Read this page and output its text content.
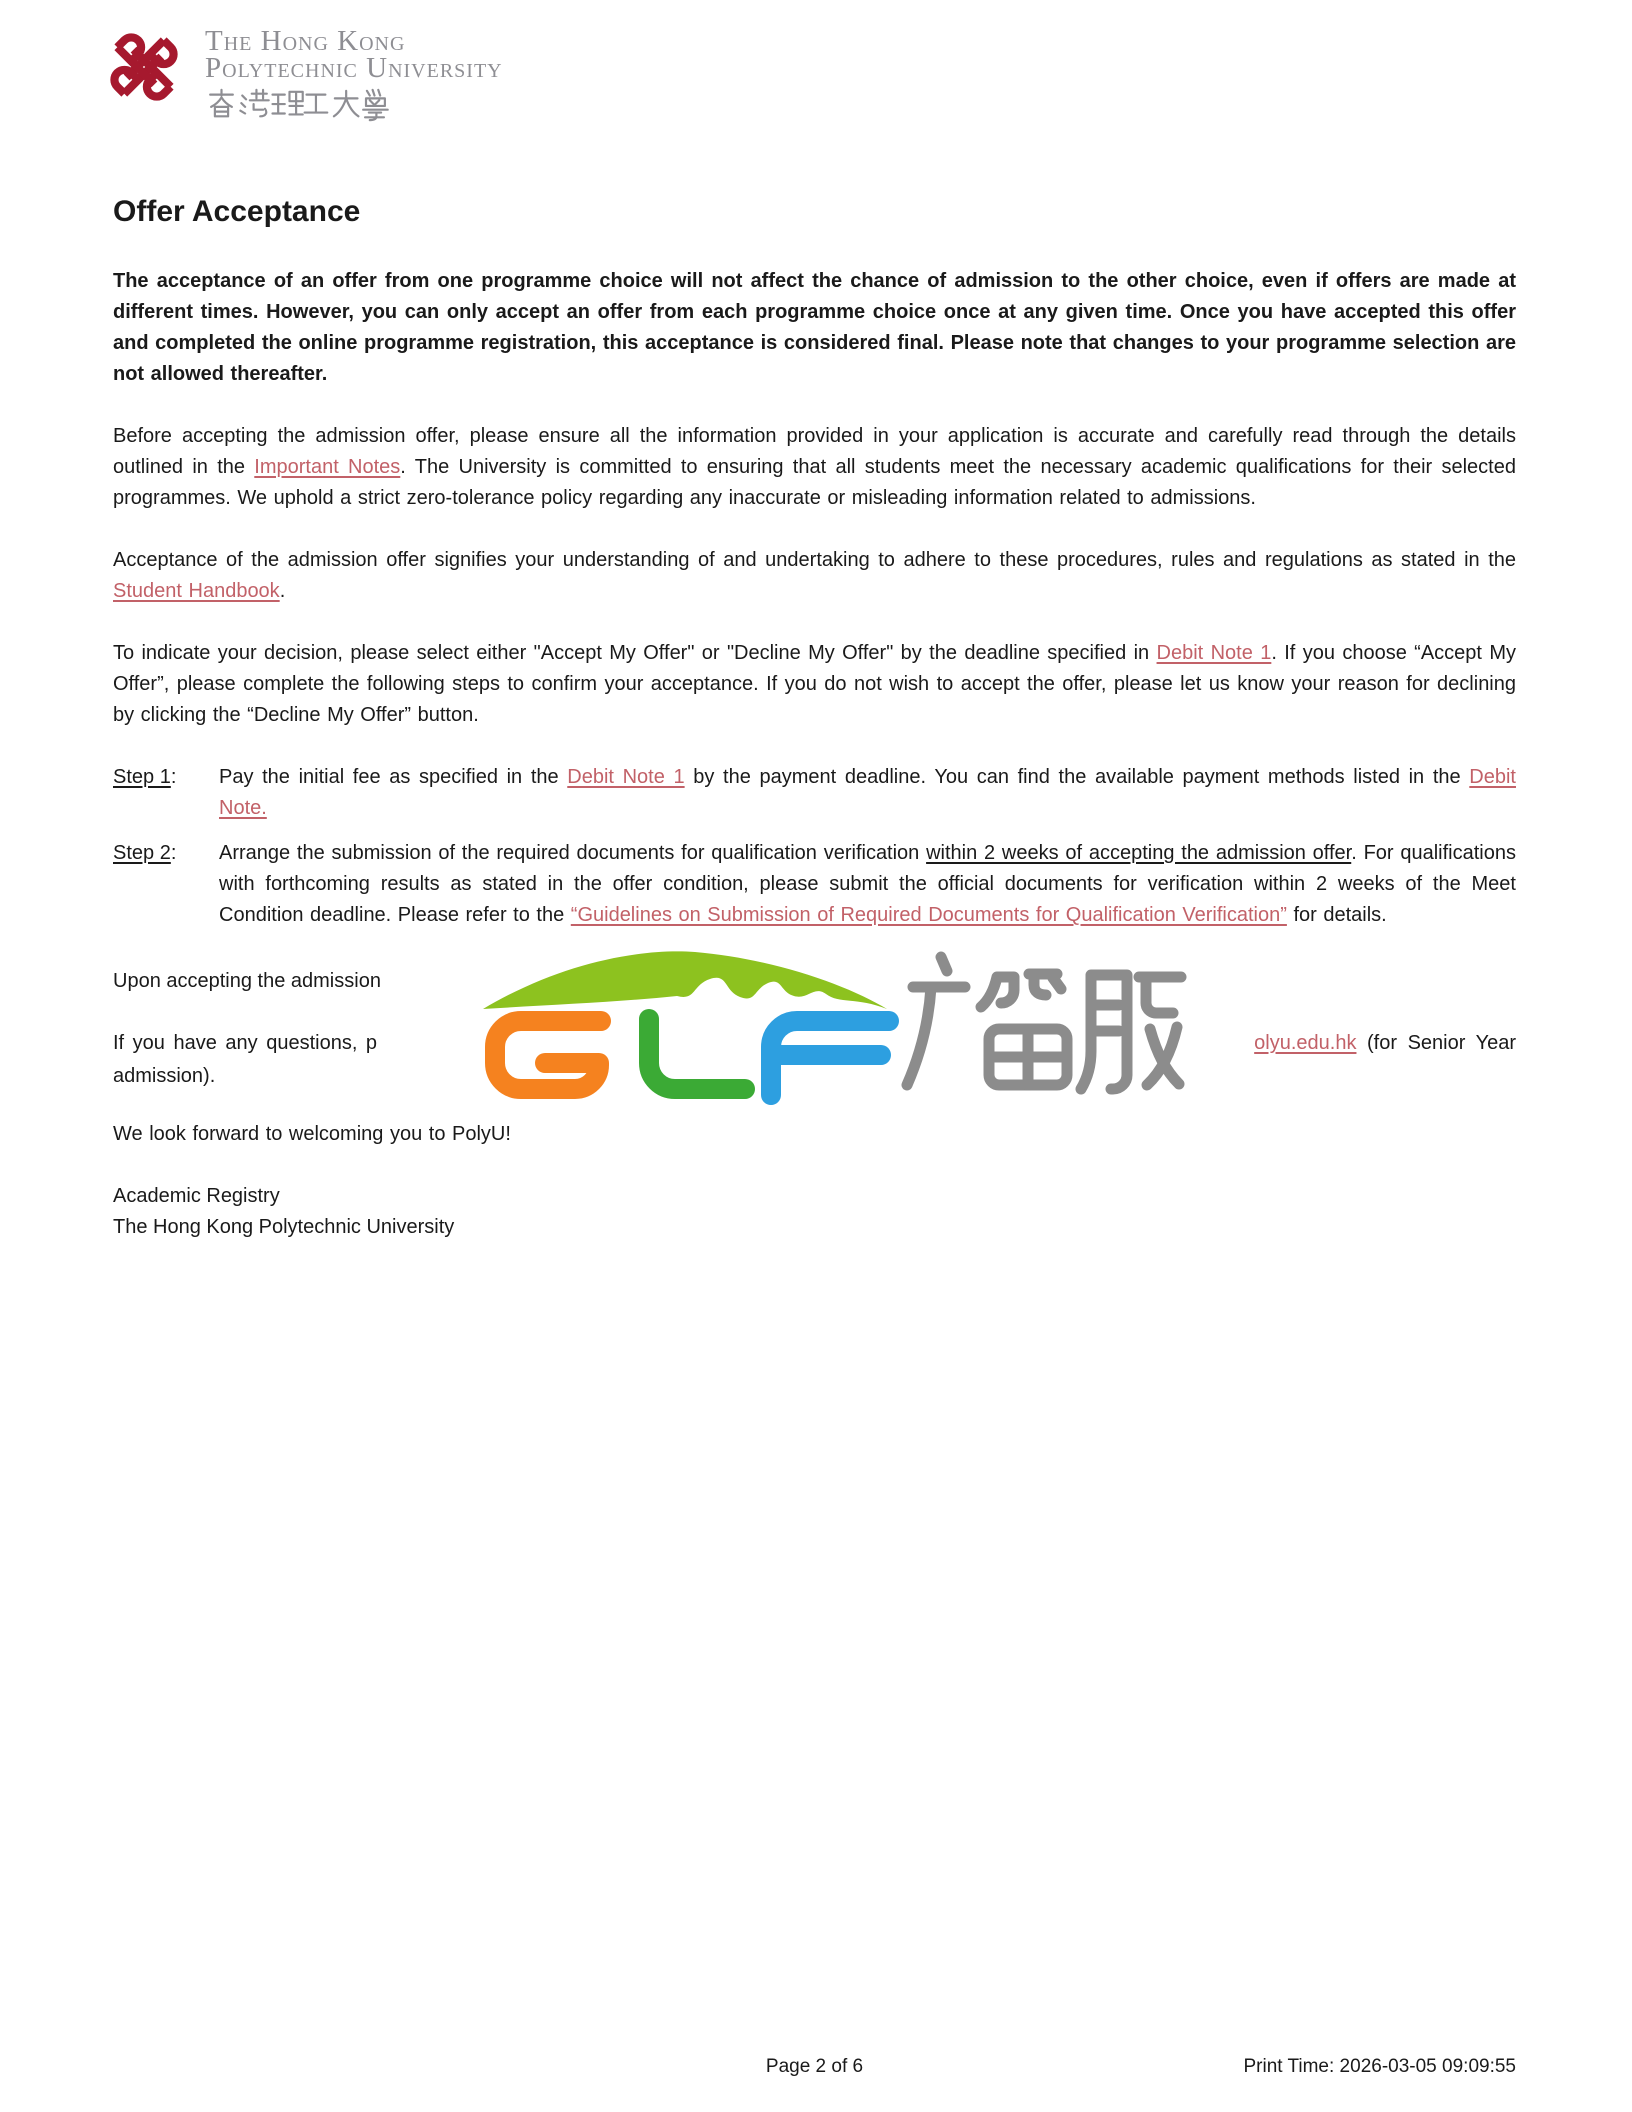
The Hong Kong
Polytechnic University
Offer Acceptance

The acceptance of an offer from one programme choice will not affect the chance of admission to the other choice, even if offers are made at different times. However, you can only accept an offer from each programme choice once at any given time. Once you have accepted this offer and completed the online programme registration, this acceptance is considered final. Please note that changes to your programme selection are not allowed thereafter.

Before accepting the admission offer, please ensure all the information provided in your application is accurate and carefully read through the details outlined in the Important Notes. The University is committed to ensuring that all students meet the necessary academic qualifications for their selected programmes. We uphold a strict zero-tolerance policy regarding any inaccurate or misleading information related to admissions.

Acceptance of the admission offer signifies your understanding of and undertaking to adhere to these procedures, rules and regulations as stated in the Student Handbook.

To indicate your decision, please select either "Accept My Offer" or "Decline My Offer" by the deadline specified in Debit Note 1. If you choose “Accept My Offer”, please complete the following steps to confirm your acceptance. If you do not wish to accept the offer, please let us know your reason for declining by clicking the “Decline My Offer” button.

Step 1:	Pay the initial fee as specified in the Debit Note 1 by the payment deadline. You can find the available payment methods listed in the Debit Note.
Step 2:	Arrange the submission of the required documents for qualification verification within 2 weeks of accepting the admission offer. For qualifications with forthcoming results as stated in the offer condition, please submit the official documents for verification within 2 weeks of the Meet Condition deadline. Please refer to the “Guidelines on Submission of Required Documents for Qualification Verification” for details.
Upon accepting the admission
If you have any questions, p	olyu.edu.hk (for Senior Year
admission).

We look forward to welcoming you to PolyU!

Academic Registry
The Hong Kong Polytechnic University
Page 2 of 6	Print Time: 2026-03-05 09:09:55
